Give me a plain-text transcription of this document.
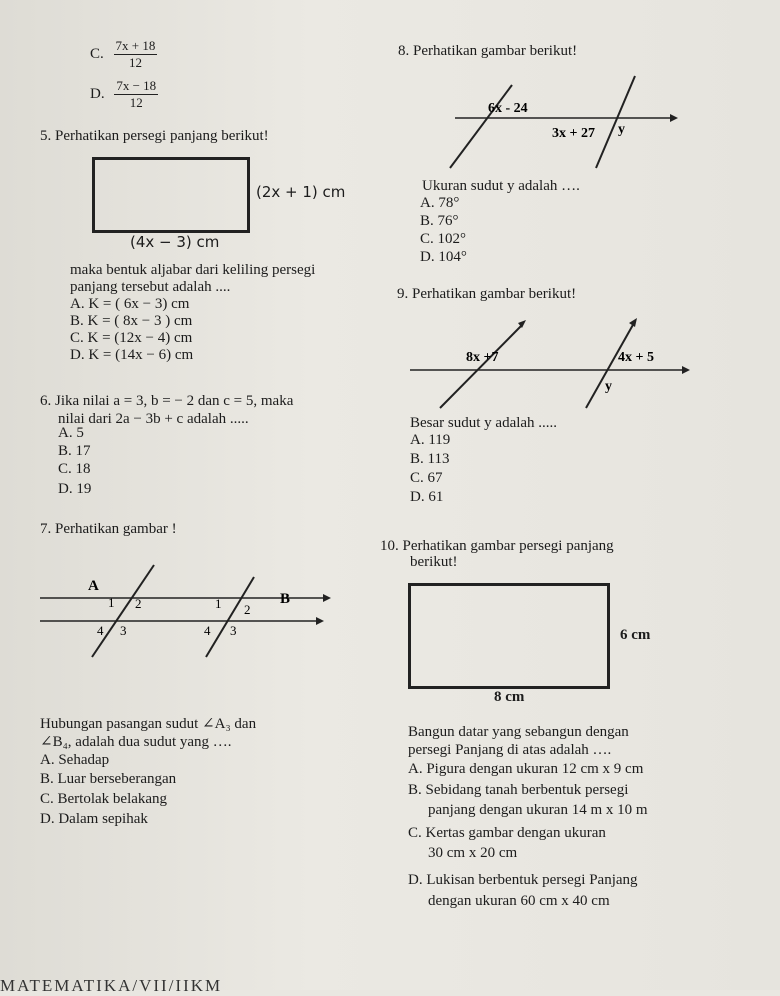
C. $\frac{7x + 18}{12}$
D. $\frac{7x - 18}{12}$
5. Perhatikan persegi panjang berikut!
(2x + 1) cm
(4x − 3) cm
maka bentuk aljabar dari keliling persegi
panjang tersebut adalah ....
A. K = ( 6x − 3) cm
B. K = ( 8x − 3 ) cm
C. K = (12x − 4) cm
D. K = (14x − 6) cm
6. Jika nilai a = 3, b = − 2 dan c = 5, maka
nilai dari 2a − 3b + c adalah .....
A. 5
B. 17
C. 18
D. 19
7. Perhatikan gambar !
A
B
1 2
4 3
1 2
4 3
Hubungan pasangan sudut ∠A₃ dan
∠B₄, adalah dua sudut yang ….
A. Sehadap
B. Luar berseberangan
C. Bertolak belakang
D. Dalam sepihak
8. Perhatikan gambar berikut!
6x - 24
3x + 27 y
Ukuran sudut y adalah ….
A. 78°
B. 76°
C. 102°
D. 104°
9. Perhatikan gambar berikut!
8x +7	4x + 5
y
Besar sudut y adalah .....
A. 119
B. 113
C. 67
D. 61
10. Perhatikan gambar persegi panjang
berikut!
6 cm
8 cm
Bangun datar yang sebangun dengan
persegi Panjang di atas adalah ….
A. Pigura dengan ukuran 12 cm x 9 cm
B. Sebidang tanah berbentuk persegi
panjang dengan ukuran 14 m x 10 m
C. Kertas gambar dengan ukuran
30 cm x 20 cm
D. Lukisan berbentuk persegi Panjang
dengan ukuran 60 cm x 40 cm
MATEMATIKA/VII/IIKM
